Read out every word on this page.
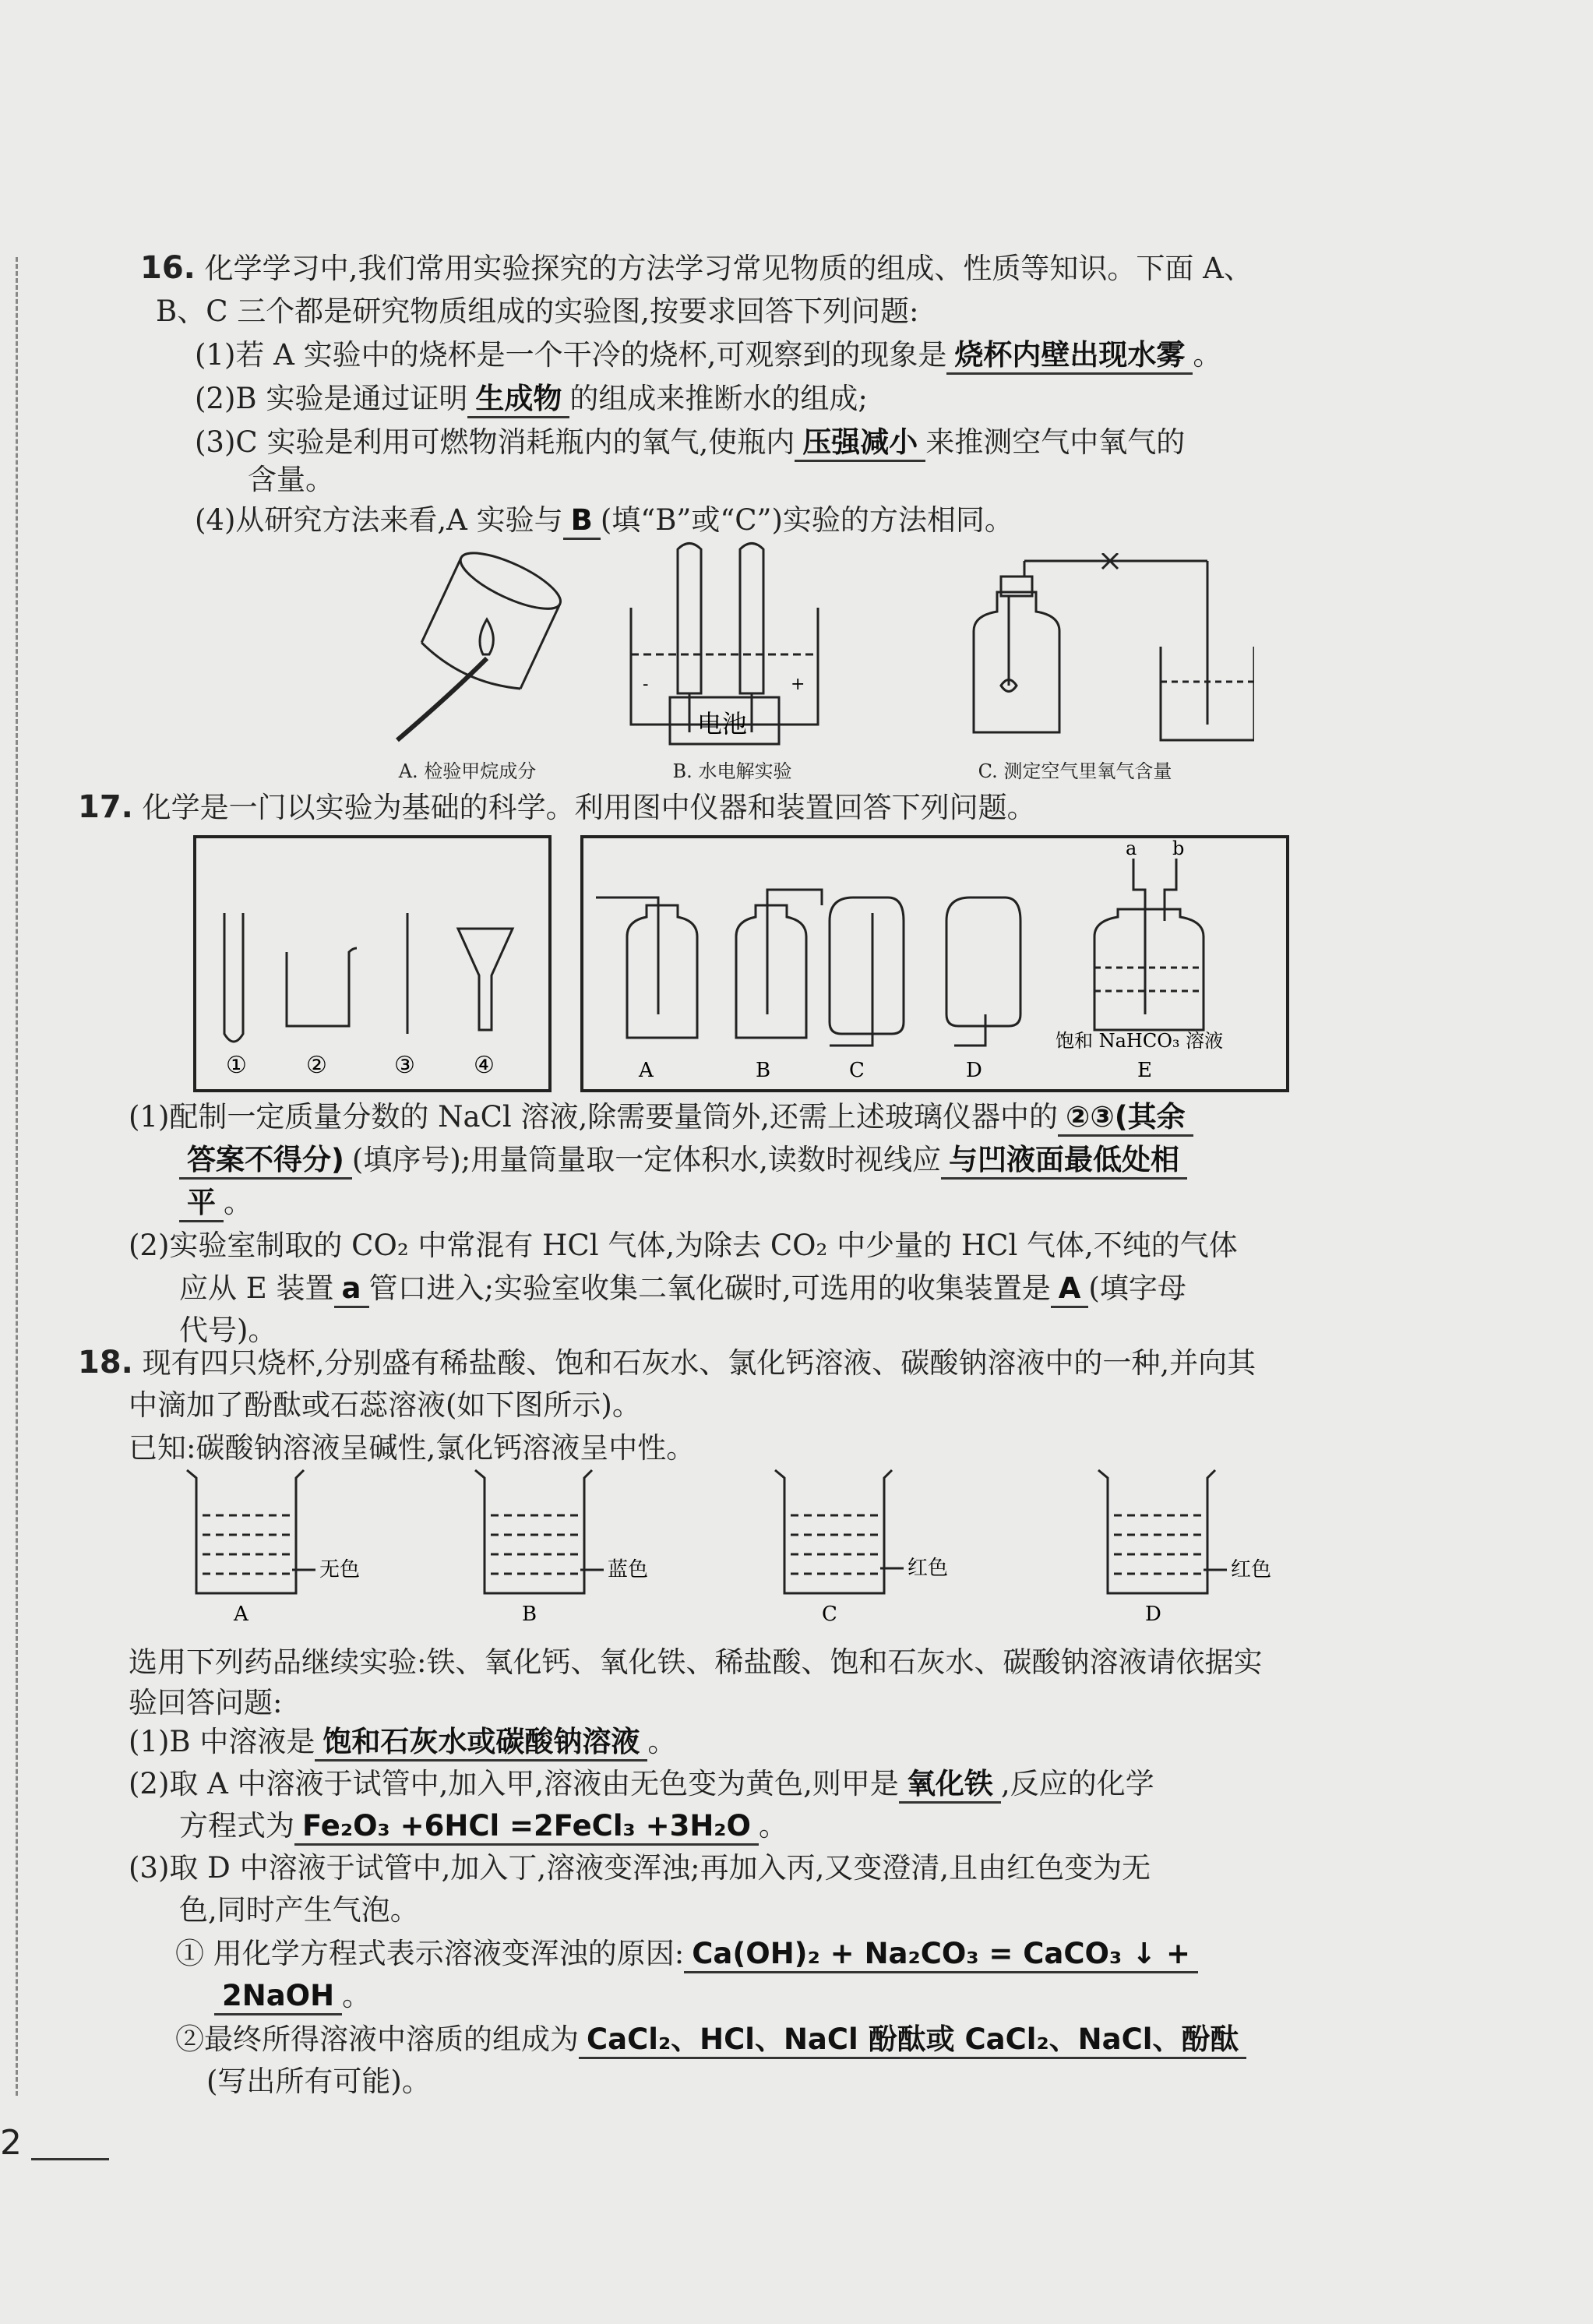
16. 化学学习中,我们常用实验探究的方法学习常见物质的组成、性质等知识。下面 A、
B、C 三个都是研究物质组成的实验图,按要求回答下列问题:
(1)若 A 实验中的烧杯是一个干冷的烧杯,可观察到的现象是 烧杯内壁出现水雾 。
(2)B 实验是通过证明 生成物 的组成来推断水的组成;
(3)C 实验是利用可燃物消耗瓶内的氧气,使瓶内 压强减小 来推测空气中氧气的
含量。
(4)从研究方法来看,A 实验与 B (填“B”或“C”)实验的方法相同。
A. 检验甲烷成分
-	+
电池
B. 水电解实验	C. 测定空气里氧气含量
17. 化学是一门以实验为基础的科学。利用图中仪器和装置回答下列问题。
①	②	③	④	A	B	C	D
a b
饱和 NaHCO₃ 溶液
E
(1)配制一定质量分数的 NaCl 溶液,除需要量筒外,还需上述玻璃仪器中的 ②③(其余
答案不得分) (填序号);用量筒量取一定体积水,读数时视线应 与凹液面最低处相
平 。
(2)实验室制取的 CO₂ 中常混有 HCl 气体,为除去 CO₂ 中少量的 HCl 气体,不纯的气体
应从 E 装置 a 管口进入;实验室收集二氧化碳时,可选用的收集装置是 A (填字母
代号)。
18. 现有四只烧杯,分别盛有稀盐酸、饱和石灰水、氯化钙溶液、碳酸钠溶液中的一种,并向其
中滴加了酚酞或石蕊溶液(如下图所示)。
已知:碳酸钠溶液呈碱性,氯化钙溶液呈中性。
无色	蓝色	红色	红色
A	B	C	D
选用下列药品继续实验:铁、氧化钙、氧化铁、稀盐酸、饱和石灰水、碳酸钠溶液请依据实
验回答问题:
(1)B 中溶液是 饱和石灰水或碳酸钠溶液 。
(2)取 A 中溶液于试管中,加入甲,溶液由无色变为黄色,则甲是 氧化铁 ,反应的化学
方程式为 Fe₂O₃ +6HCl =2FeCl₃ +3H₂O 。
(3)取 D 中溶液于试管中,加入丁,溶液变浑浊;再加入丙,又变澄清,且由红色变为无
色,同时产生气泡。
① 用化学方程式表示溶液变浑浊的原因: Ca(OH)₂ + Na₂CO₃ = CaCO₃ ↓ +
2NaOH 。
②最终所得溶液中溶质的组成为 CaCl₂、HCl、NaCl 酚酞或 CaCl₂、NaCl、酚酞
(写出所有可能)。
2
